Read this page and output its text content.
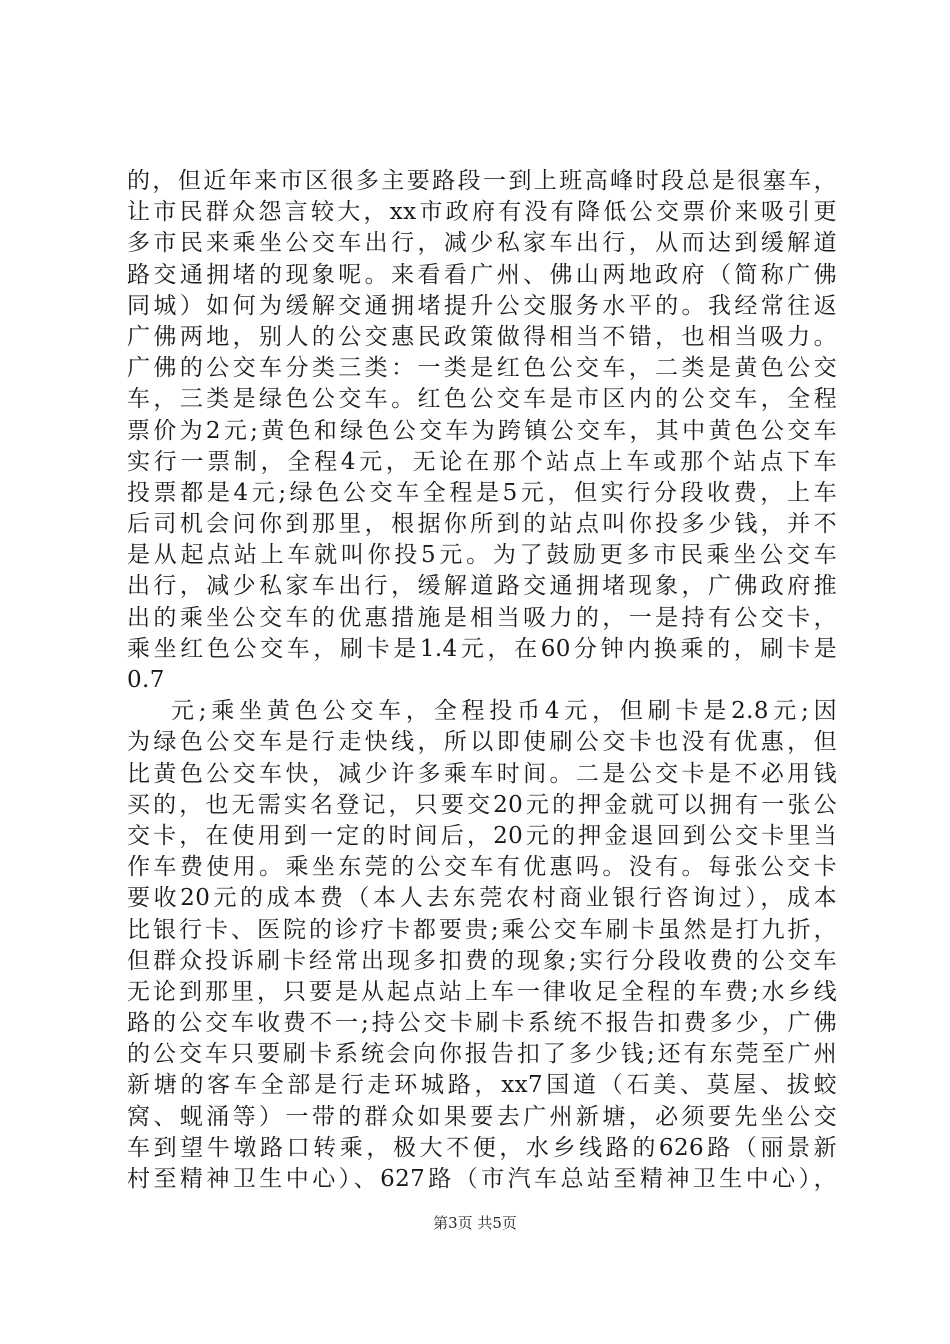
的，但近年来市区很多主要路段一到上班高峰时段总是很塞车，
让市民群众怨言较大，xx市政府有没有降低公交票价来吸引更
多市民来乘坐公交车出行，减少私家车出行，从而达到缓解道
路交通拥堵的现象呢。来看看广州、佛山两地政府（简称广佛
同城）如何为缓解交通拥堵提升公交服务水平的。我经常往返
广佛两地，别人的公交惠民政策做得相当不错，也相当吸力。
广佛的公交车分类三类：一类是红色公交车，二类是黄色公交
车，三类是绿色公交车。红色公交车是市区内的公交车，全程
票价为2元;黄色和绿色公交车为跨镇公交车，其中黄色公交车
实行一票制，全程4元，无论在那个站点上车或那个站点下车
投票都是4元;绿色公交车全程是5元，但实行分段收费，上车
后司机会问你到那里，根据你所到的站点叫你投多少钱，并不
是从起点站上车就叫你投5元。为了鼓励更多市民乘坐公交车
出行，减少私家车出行，缓解道路交通拥堵现象，广佛政府推
出的乘坐公交车的优惠措施是相当吸力的，一是持有公交卡，
乘坐红色公交车，刷卡是1.4元，在60分钟内换乘的，刷卡是
0.7
元;乘坐黄色公交车，全程投币4元，但刷卡是2.8元;因
为绿色公交车是行走快线，所以即使刷公交卡也没有优惠，但
比黄色公交车快，减少许多乘车时间。二是公交卡是不必用钱
买的，也无需实名登记，只要交20元的押金就可以拥有一张公
交卡，在使用到一定的时间后，20元的押金退回到公交卡里当
作车费使用。乘坐东莞的公交车有优惠吗。没有。每张公交卡
要收20元的成本费（本人去东莞农村商业银行咨询过），成本
比银行卡、医院的诊疗卡都要贵;乘公交车刷卡虽然是打九折，
但群众投诉刷卡经常出现多扣费的现象;实行分段收费的公交车
无论到那里，只要是从起点站上车一律收足全程的车费;水乡线
路的公交车收费不一;持公交卡刷卡系统不报告扣费多少，广佛
的公交车只要刷卡系统会向你报告扣了多少钱;还有东莞至广州
新塘的客车全部是行走环城路，xx7国道（石美、莫屋、拔蛟
窝、蚬涌等）一带的群众如果要去广州新塘，必须要先坐公交
车到望牛墩路口转乘，极大不便，水乡线路的626路（丽景新
村至精神卫生中心）、627路（市汽车总站至精神卫生中心），
第3页 共5页
